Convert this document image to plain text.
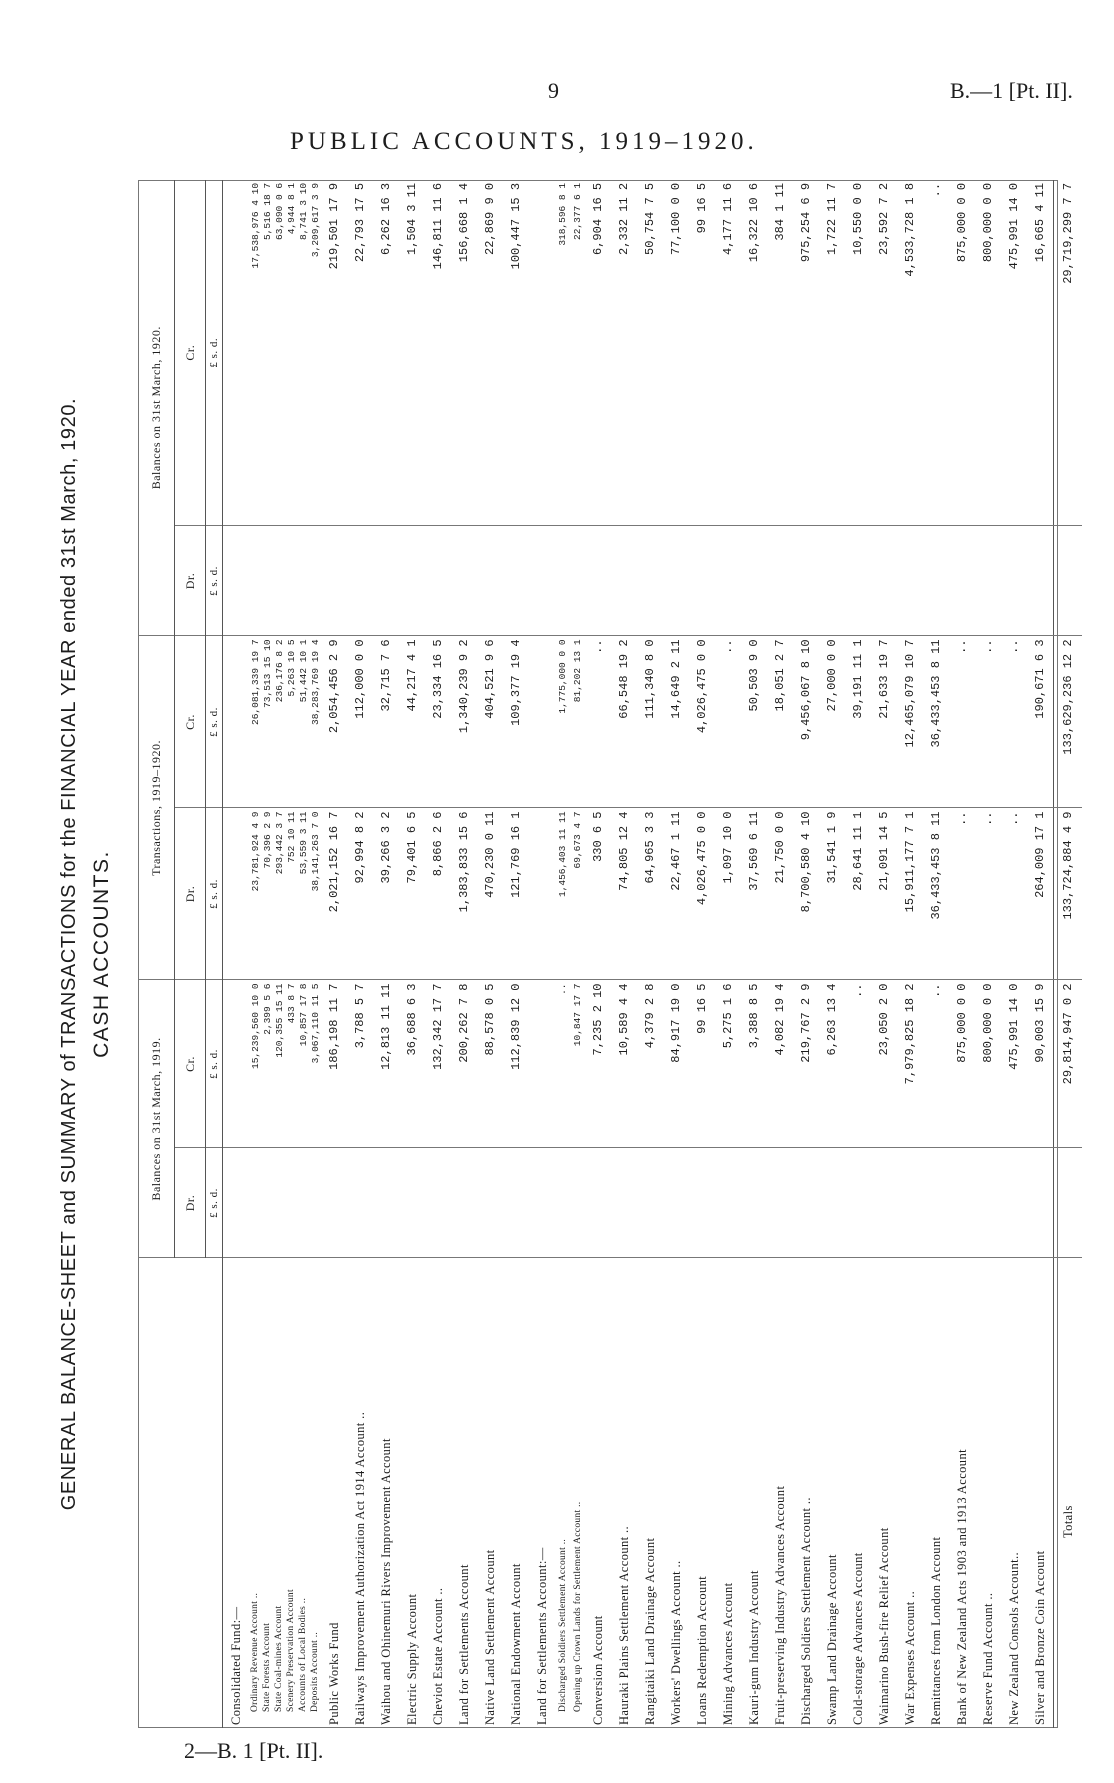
9	B.—1 [Pt. II].
PUBLIC ACCOUNTS, 1919–1920.
GENERAL BALANCE-SHEET and SUMMARY of TRANSACTIONS for the FINANCIAL YEAR ended 31st March, 1920. CASH ACCOUNTS.
	Balances on 31st March, 1919.		Transactions, 1919–1920.		Balances on 31st March, 1920.	
	Dr.	Cr.	Dr.	Cr.	Dr.	Cr.
	£ s. d.	£ s. d.	£ s. d.	£ s. d.	£ s. d.	£ s. d.
Consolidated Fund:—						
Ordinary Revenue Account ..		15,239,560 10 0	23,781,924 4 9	26,081,339 19 7		17,538,976 4 10
State Forests Account		2,399 5 6	70,396 2 9	73,513 15 10		5,516 18 7
State Coal-mines Account		120,355 15 11	293,442 3 7	236,176 8 2		63,090 0 6
Scenery Preservation Account		433 8 7	752 10 11	5,263 10 5		4,944 8 1
Accounts of Local Bodies ..		10,857 17 8	53,559 3 11	51,442 10 1		8,741 3 10
Deposits Account ..		3,067,110 11 5	38,141,263 7 0	38,283,769 19 4		3,209,617 3 9
Public Works Fund		186,198 11 7	2,021,152 16 7	2,054,456 2 9		219,501 17 9
Railways Improvement Authorization Act 1914 Account ..		3,788 5 7	92,994 8 2	112,000 0 0		22,793 17 5
Waihou and Ohinemuri Rivers Improvement Account		12,813 11 11	39,266 3 2	32,715 7 6		6,262 16 3
Electric Supply Account		36,688 6 3	79,401 6 5	44,217 4 1		1,504 3 11
Cheviot Estate Account ..		132,342 17 7	8,866 2 6	23,334 16 5		146,811 11 6
Land for Settlements Account		200,262 7 8	1,383,833 15 6	1,340,239 9 2		156,668 1 4
Native Land Settlement Account		88,578 0 5	470,230 0 11	404,521 9 6		22,869 9 0
National Endowment Account		112,839 12 0	121,769 16 1	109,377 19 4		100,447 15 3
Land for Settlements Account:—						
Discharged Soldiers Settlement Account ..		..	1,456,403 11 11	1,775,000 0 0		318,596 8 1
Opening up Crown Lands for Settlement Account ..		10,847 17 7	69,673 4 7	81,202 13 1		22,377 6 1
Conversion Account		7,235 2 10	330 6 5	..		6,904 16 5
Hauraki Plains Settlement Account ..		10,589 4 4	74,805 12 4	66,548 19 2		2,332 11 2
Rangitaiki Land Drainage Account		4,379 2 8	64,965 3 3	111,340 8 0		50,754 7 5
Workers' Dwellings Account ..		84,917 19 0	22,467 1 11	14,649 2 11		77,100 0 0
Loans Redemption Account		99 16 5	4,026,475 0 0	4,026,475 0 0		99 16 5
Mining Advances Account		5,275 1 6	1,097 10 0	..		4,177 11 6
Kauri-gum Industry Account		3,388 8 5	37,569 6 11	50,503 9 0		16,322 10 6
Fruit-preserving Industry Advances Account		4,082 19 4	21,750 0 0	18,051 2 7		384 1 11
Discharged Soldiers Settlement Account ..		219,767 2 9	8,700,580 4 10	9,456,067 8 10		975,254 6 9
Swamp Land Drainage Account		6,263 13 4	31,541 1 9	27,000 0 0		1,722 11 7
Cold-storage Advances Account		..	28,641 11 1	39,191 11 1		10,550 0 0
Waimarino Bush-fire Relief Account		23,050 2 0	21,091 14 5	21,633 19 7		23,592 7 2
War Expenses Account ..		7,979,825 18 2	15,911,177 7 1	12,465,079 10 7		4,533,728 1 8
Remittances from London Account		..	36,433,453 8 11	36,433,453 8 11		..
Bank of New Zealand Acts 1903 and 1913 Account		875,000 0 0	..	..		875,000 0 0
Reserve Fund Account ..		800,000 0 0	..	..		800,000 0 0
New Zealand Consols Account..		475,991 14 0	..	..		475,991 14 0
Silver and Bronze Coin Account		90,003 15 9	264,009 17 1	190,671 6 3		16,665 4 11
Totals		29,814,947 0 2	133,724,884 4 9	133,629,236 12 2		29,719,299 7 7
2—B. 1 [Pt. II].
